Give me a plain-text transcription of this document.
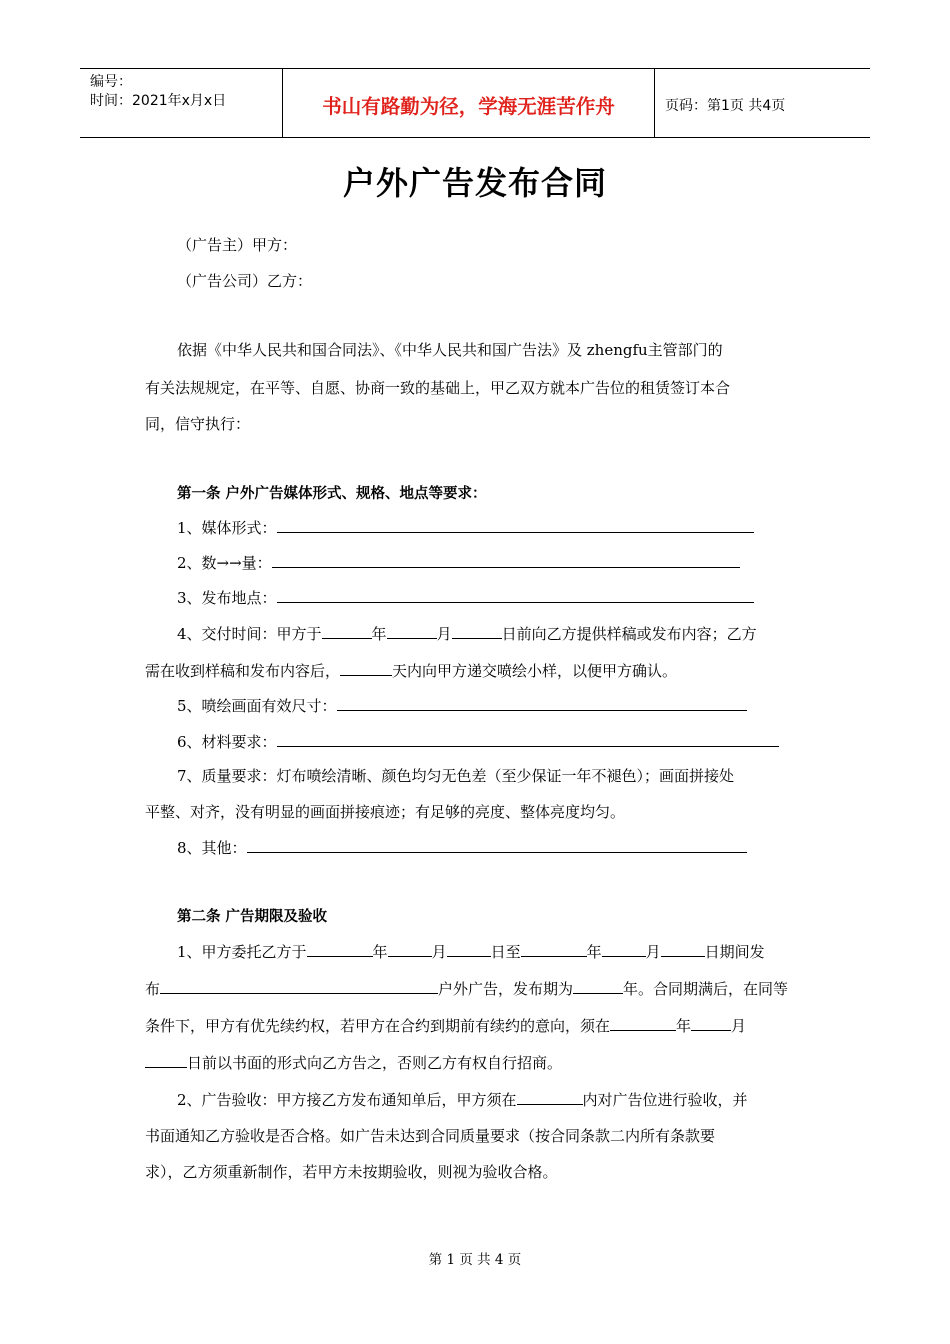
编号：
时间：2021年x月x日	书山有路勤为径，学海无涯苦作舟	页码：第1页 共4页
户外广告发布合同
（广告主）甲方：
（广告公司）乙方：
依据《中华人民共和国合同法》、《中华人民共和国广告法》及 zhengfu主管部门的
有关法规规定，在平等、自愿、协商一致的基础上，甲乙双方就本广告位的租赁签订本合
同，信守执行：
第一条 户外广告媒体形式、规格、地点等要求：
1、媒体形式：
2、数→→量：
3、发布地点：
4、交付时间：甲方于	年	月	日前向乙方提供样稿或发布内容；乙方
需在收到样稿和发布内容后，	天内向甲方递交喷绘小样，以便甲方确认。
5、喷绘画面有效尺寸：
6、材料要求：
7、质量要求：灯布喷绘清晰、颜色均匀无色差（至少保证一年不褪色）；画面拼接处
平整、对齐，没有明显的画面拼接痕迹；有足够的亮度、整体亮度均匀。
8、其他：
第二条 广告期限及验收
1、甲方委托乙方于	年	月	日至	年	月	日期间发
布	户外广告，发布期为	年。合同期满后，在同等
条件下，甲方有优先续约权，若甲方在合约到期前有续约的意向，须在	年	月
日前以书面的形式向乙方告之，否则乙方有权自行招商。
2、广告验收：甲方接乙方发布通知单后，甲方须在	内对广告位进行验收，并
书面通知乙方验收是否合格。如广告未达到合同质量要求（按合同条款二内所有条款要
求），乙方须重新制作，若甲方未按期验收，则视为验收合格。
第 1 页 共 4 页
